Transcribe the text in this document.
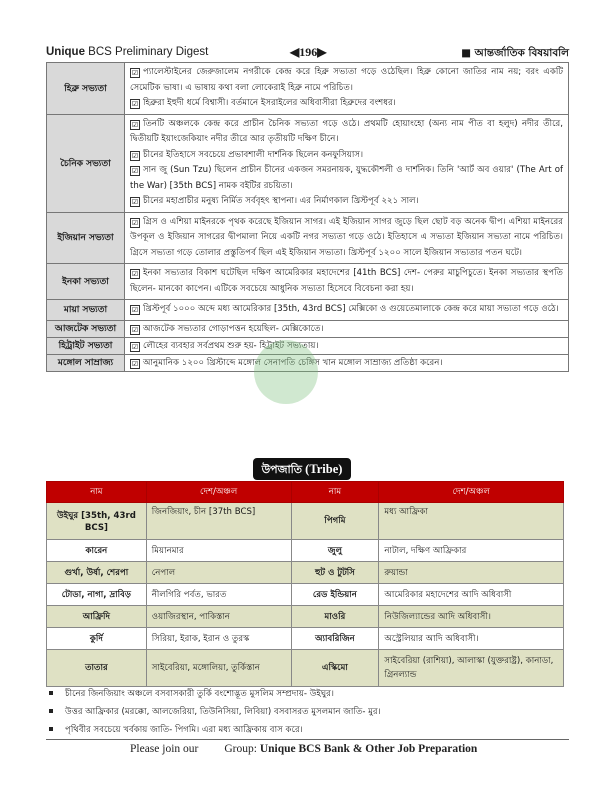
Unique BCS Preliminary Digest	◀196▶	■ আন্তর্জাতিক বিষয়াবলি
হিব্রু সভ্যতা	☑ প্যালেস্টাইনের জেরুজালেম নগরীকে কেন্দ্র করে হিব্রু সভ্যতা গড়ে ওঠেছিল। হিব্রু কোনো জাতির নাম নয়; বরং একটি সেমেটিক ভাষা। এ ভাষায় কথা বলা লোকেরাই হিব্রু নামে পরিচিত।
☑ হিব্রুরা ইহুদী ধর্মে বিশ্বাসী। বর্তমানে ইসরাইলের অধিবাসীরা হিব্রুদের বংশধর।

চৈনিক সভ্যতা	☑ তিনটি অঞ্চলকে কেন্দ্র করে প্রাচীন চৈনিক সভ্যতা গড়ে ওঠে। প্রথমটি হোয়াংহো (অন্য নাম পীত বা হলুদ) নদীর তীরে, দ্বিতীয়টি ইয়াংজেকিয়াং নদীর তীরে আর তৃতীয়টি দক্ষিণ চীনে।
☑ চীনের ইতিহাসে সবচেয়ে প্রভাবশালী দার্শনিক ছিলেন কনফুসিয়াস।
☑ সান জু (Sun Tzu) ছিলেন প্রাচীন চীনের একজন সমরনায়ক, যুদ্ধকৌশলী ও দার্শনিক। তিনি 'আর্ট অব ওয়ার' (The Art of the War) [35th BCS] নামক বইটির রচয়িতা।
☑ চীনের মহাপ্রাচীর মনুষ্য নির্মিত সর্ববৃহৎ স্থাপনা। এর নির্মাণকাল খ্রিস্টপূর্ব ২২১ সাল।

ইজিয়ান সভ্যতা	☑ গ্রিস ও এশিয়া মাইনরকে পৃথক করেছে ইজিয়ান সাগর। এই ইজিয়ান সাগর জুড়ে ছিল ছোট বড় অনেক দ্বীপ। এশিয়া মাইনরের উপকূল ও ইজিয়ান সাগরের দ্বীপমালা নিয়ে একটি নগর সভ্যতা গড়ে ওঠে। ইতিহাসে এ সভ্যতা ইজিয়ান সভ্যতা নামে পরিচিত। গ্রিসে সভ্যতা গড়ে তোলার প্রস্তুতিপর্ব ছিল এই ইজিয়ান সভ্যতা। খ্রিস্টপূর্ব ১২০০ সালে ইজিয়ান সভ্যতার পতন ঘটে।

ইনকা সভ্যতা	☑ ইনকা সভ্যতার বিকাশ ঘটেছিল দক্ষিণ আমেরিকার মহাদেশের [41th BCS] দেশ- পেরুর মাচুপিচুতে। ইনকা সভ্যতার স্থপতি ছিলেন- মানকো কাপেন। এটিকে সবচেয়ে আধুনিক সভ্যতা হিসেবে বিবেচনা করা হয়।

মায়া সভ্যতা	☑ খ্রিস্টপূর্ব ১০০০ অব্দে মধ্য আমেরিকার [35th, 43rd BCS] মেক্সিকো ও গুয়েতেমালাকে কেন্দ্র করে মায়া সভ্যতা গড়ে ওঠে।

আজটেক সভ্যতা	☑ আজটেক সভ্যতার গোড়াপত্তন হয়েছিল- মেক্সিকোতে।

হিট্রাইট সভ্যতা	☑ লৌহের ব্যবহার সর্বপ্রথম শুরু হয়- হিট্রাইট সভ্যতায়।

মঙ্গোল সাম্রাজ্য	☑ আনুমানিক ১২০০ খ্রিস্টাব্দে মঙ্গোল সেনাপতি চেঙ্গিস খান মঙ্গোল সাম্রাজ্য প্রতিষ্ঠা করেন।
উপজাতি (Tribe)
নাম	দেশ/অঞ্চল	নাম	দেশ/অঞ্চল
উইঘুর [35th, 43rd BCS]	জিনজিয়াং, চীন [37th BCS]	পিগমি	মধ্য আফ্রিকা
কারেন	মিয়ানমার	জুলু	নাটাল, দক্ষিণ আফ্রিকার
গুর্খা, উর্ষা, শেরপা	নেপাল	হুট ও টুটসি	রুয়ান্ডা
টোডা, নাগা, দ্রাবিড়	নীলগিরি পর্বত, ভারত	রেড ইন্ডিয়ান	আমেরিকার মহাদেশের আদি অধিবাসী
আফ্রিদি	ওয়াজিরস্থান, পাকিস্তান	মাওরি	নিউজিল্যান্ডের আদি অধিবাসী।
কুর্দি	সিরিয়া, ইরাক, ইরান ও তুরস্ক	অ্যাবরিজিন	অস্ট্রেলিয়ার আদি অধিবাসী।
তাতার	সাইবেরিয়া, মঙ্গোলিয়া, তুর্কিস্তান	এস্কিমো	সাইবেরিয়া (রাশিয়া), আলাস্কা (যুক্তরাষ্ট্র), কানাডা, গ্রিনল্যান্ড
চীনের জিনজিয়াং অঞ্চলে বসবাসকারী তুর্কি বংশোদ্ভূত মুসলিম সম্প্রদায়- উইঘুর।
উত্তর আফ্রিকার (মরক্কো, আলজেরিয়া, তিউনিসিয়া, লিবিয়া) বসবাসরত মুসলমান জাতি- মুর।
পৃথিবীর সবচেয়ে খর্বকায় জাতি- পিগমি। এরা মধ্য আফ্রিকায় বাস করে।
Please join our Group: Unique BCS Bank & Other Job Preparation
